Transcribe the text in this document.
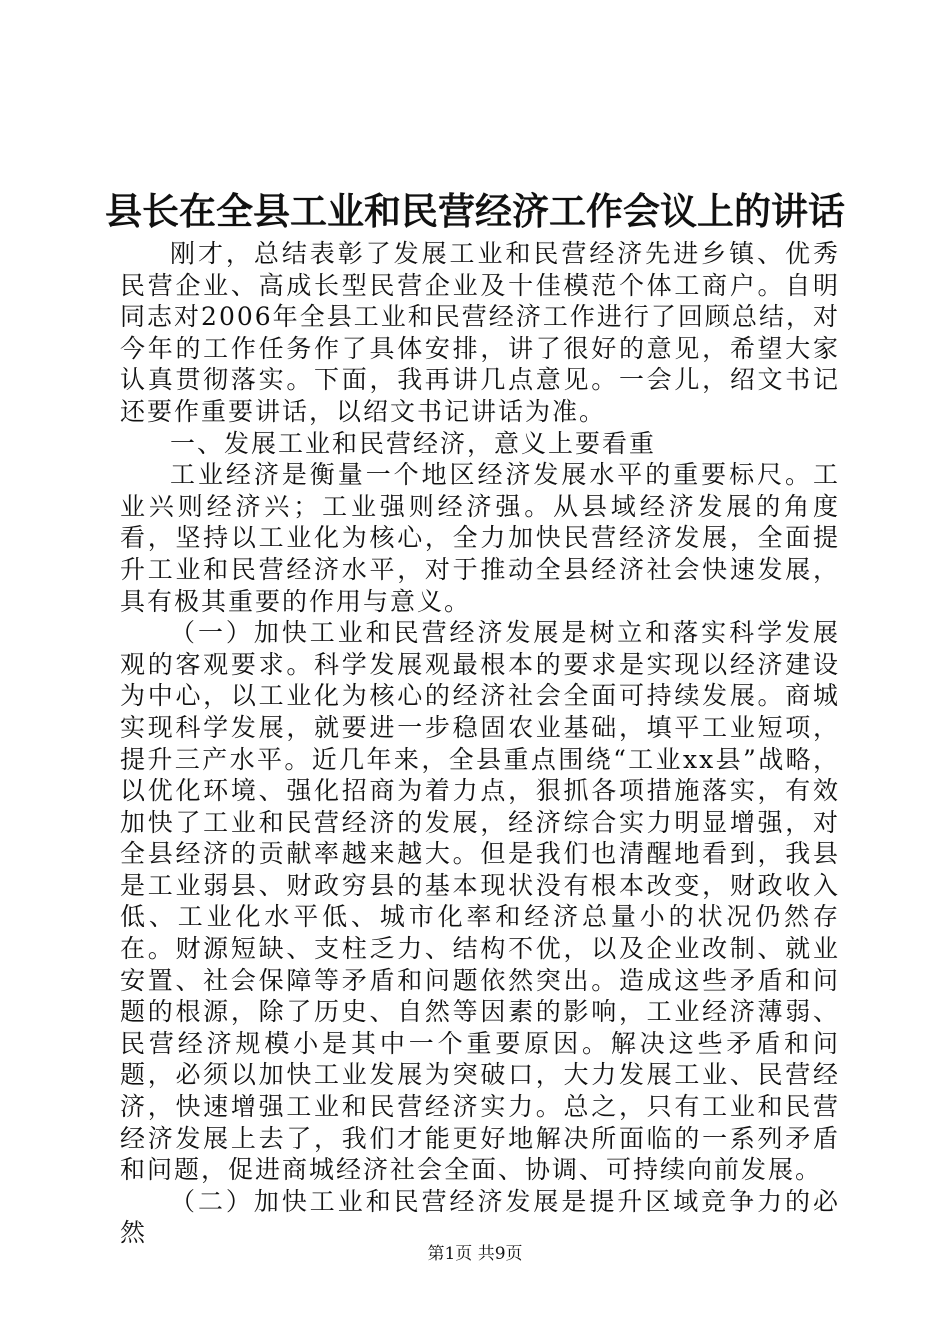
县长在全县工业和民营经济工作会议上的讲话

刚才，总结表彰了发展工业和民营经济先进乡镇、优秀民营企业、高成长型民营企业及十佳模范个体工商户。自明同志对2006年全县工业和民营经济工作进行了回顾总结，对今年的工作任务作了具体安排，讲了很好的意见，希望大家认真贯彻落实。下面，我再讲几点意见。一会儿，绍文书记还要作重要讲话，以绍文书记讲话为准。

一、发展工业和民营经济，意义上要看重

工业经济是衡量一个地区经济发展水平的重要标尺。工业兴则经济兴；工业强则经济强。从县域经济发展的角度看，坚持以工业化为核心，全力加快民营经济发展，全面提升工业和民营经济水平，对于推动全县经济社会快速发展，具有极其重要的作用与意义。

（一）加快工业和民营经济发展是树立和落实科学发展观的客观要求。科学发展观最根本的要求是实现以经济建设为中心，以工业化为核心的经济社会全面可持续发展。商城实现科学发展，就要进一步稳固农业基础，填平工业短项，提升三产水平。近几年来，全县重点围绕“工业xx县”战略，以优化环境、强化招商为着力点，狠抓各项措施落实，有效加快了工业和民营经济的发展，经济综合实力明显增强，对全县经济的贡献率越来越大。但是我们也清醒地看到，我县是工业弱县、财政穷县的基本现状没有根本改变，财政收入低、工业化水平低、城市化率和经济总量小的状况仍然存在。财源短缺、支柱乏力、结构不优，以及企业改制、就业安置、社会保障等矛盾和问题依然突出。造成这些矛盾和问题的根源，除了历史、自然等因素的影响，工业经济薄弱、民营经济规模小是其中一个重要原因。解决这些矛盾和问题，必须以加快工业发展为突破口，大力发展工业、民营经济，快速增强工业和民营经济实力。总之，只有工业和民营经济发展上去了，我们才能更好地解决所面临的一系列矛盾和问题，促进商城经济社会全面、协调、可持续向前发展。

（二）加快工业和民营经济发展是提升区域竞争力的必然

第1页 共9页
